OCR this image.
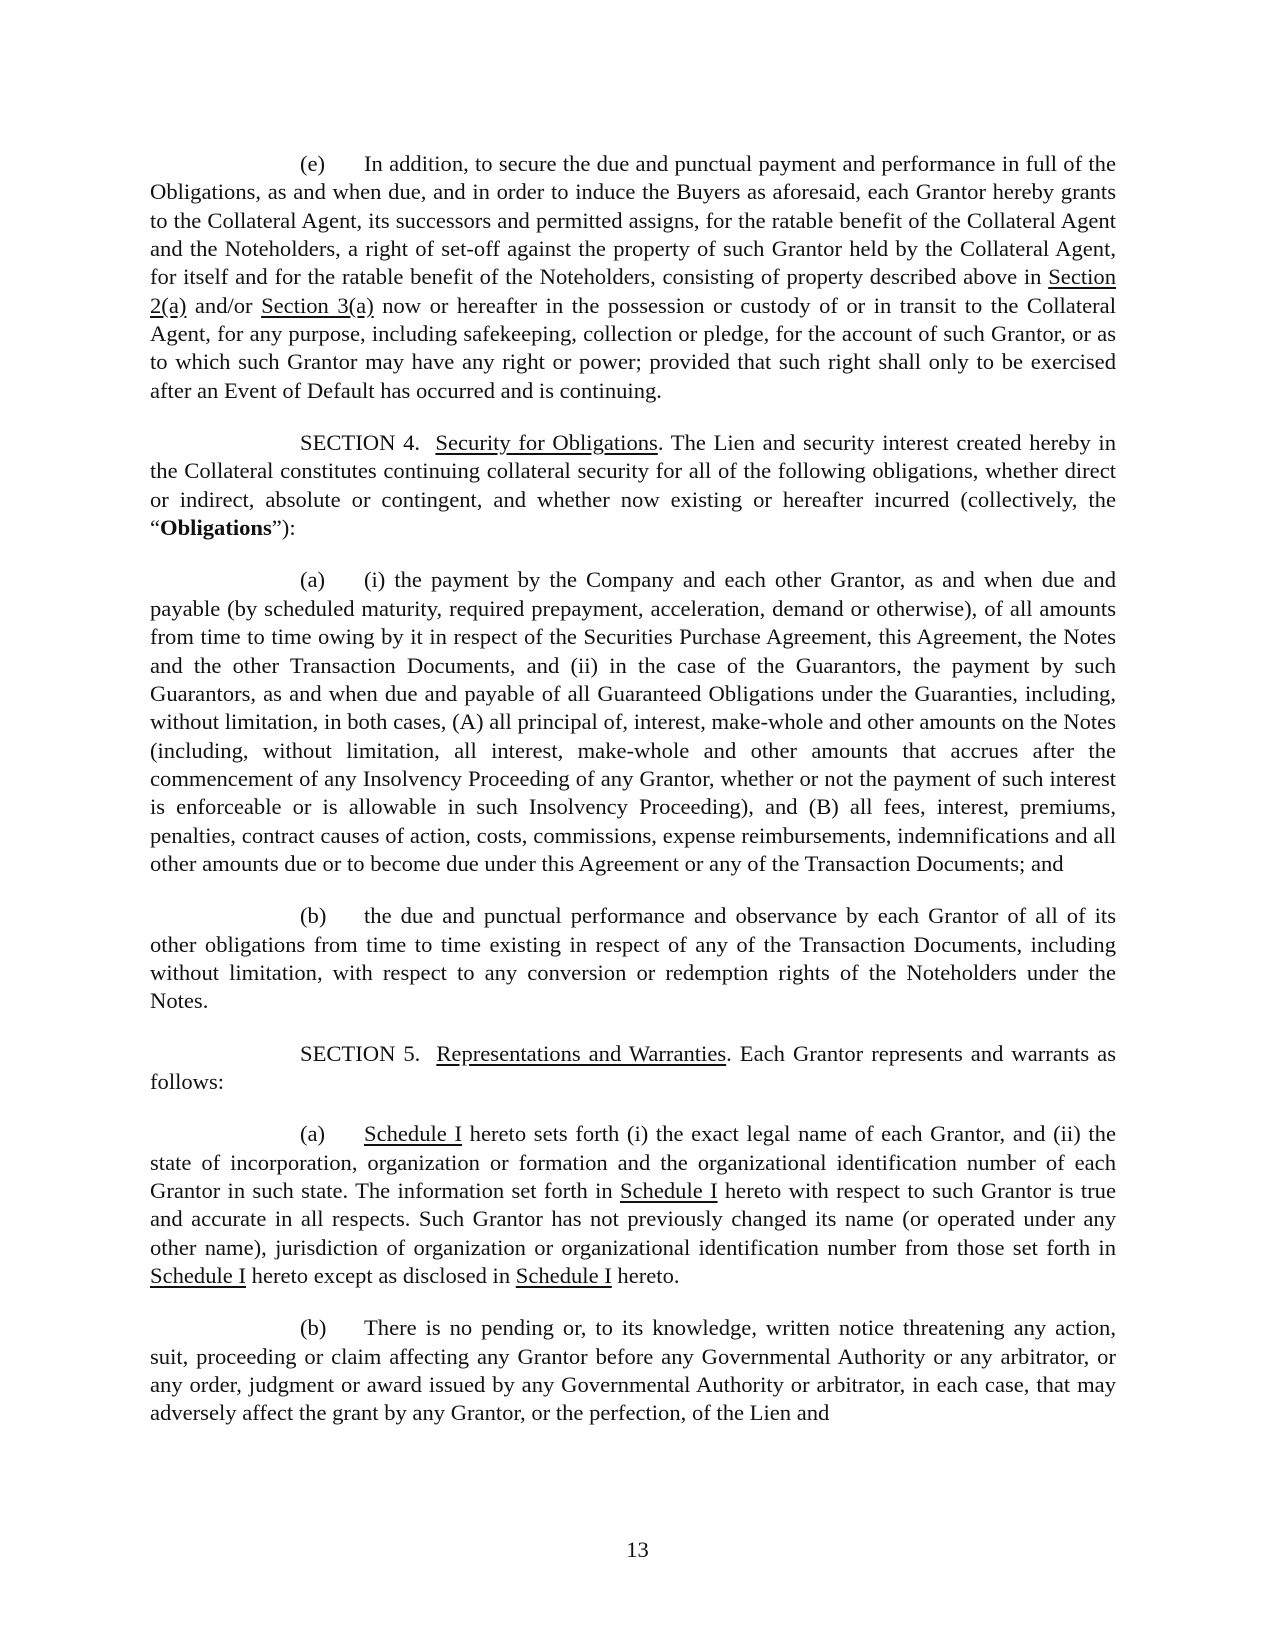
(e) In addition, to secure the due and punctual payment and performance in full of the Obligations, as and when due, and in order to induce the Buyers as aforesaid, each Grantor hereby grants to the Collateral Agent, its successors and permitted assigns, for the ratable benefit of the Collateral Agent and the Noteholders, a right of set-off against the property of such Grantor held by the Collateral Agent, for itself and for the ratable benefit of the Noteholders, consisting of property described above in Section 2(a) and/or Section 3(a) now or hereafter in the possession or custody of or in transit to the Collateral Agent, for any purpose, including safekeeping, collection or pledge, for the account of such Grantor, or as to which such Grantor may have any right or power; provided that such right shall only to be exercised after an Event of Default has occurred and is continuing.

SECTION 4. Security for Obligations. The Lien and security interest created hereby in the Collateral constitutes continuing collateral security for all of the following obligations, whether direct or indirect, absolute or contingent, and whether now existing or hereafter incurred (collectively, the “Obligations”):

(a) (i) the payment by the Company and each other Grantor, as and when due and payable (by scheduled maturity, required prepayment, acceleration, demand or otherwise), of all amounts from time to time owing by it in respect of the Securities Purchase Agreement, this Agreement, the Notes and the other Transaction Documents, and (ii) in the case of the Guarantors, the payment by such Guarantors, as and when due and payable of all Guaranteed Obligations under the Guaranties, including, without limitation, in both cases, (A) all principal of, interest, make-whole and other amounts on the Notes (including, without limitation, all interest, make-whole and other amounts that accrues after the commencement of any Insolvency Proceeding of any Grantor, whether or not the payment of such interest is enforceable or is allowable in such Insolvency Proceeding), and (B) all fees, interest, premiums, penalties, contract causes of action, costs, commissions, expense reimbursements, indemnifications and all other amounts due or to become due under this Agreement or any of the Transaction Documents; and

(b) the due and punctual performance and observance by each Grantor of all of its other obligations from time to time existing in respect of any of the Transaction Documents, including without limitation, with respect to any conversion or redemption rights of the Noteholders under the Notes.

SECTION 5. Representations and Warranties. Each Grantor represents and warrants as follows:

(a) Schedule I hereto sets forth (i) the exact legal name of each Grantor, and (ii) the state of incorporation, organization or formation and the organizational identification number of each Grantor in such state. The information set forth in Schedule I hereto with respect to such Grantor is true and accurate in all respects. Such Grantor has not previously changed its name (or operated under any other name), jurisdiction of organization or organizational identification number from those set forth in Schedule I hereto except as disclosed in Schedule I hereto.

(b) There is no pending or, to its knowledge, written notice threatening any action, suit, proceeding or claim affecting any Grantor before any Governmental Authority or any arbitrator, or any order, judgment or award issued by any Governmental Authority or arbitrator, in each case, that may adversely affect the grant by any Grantor, or the perfection, of the Lien and

13
